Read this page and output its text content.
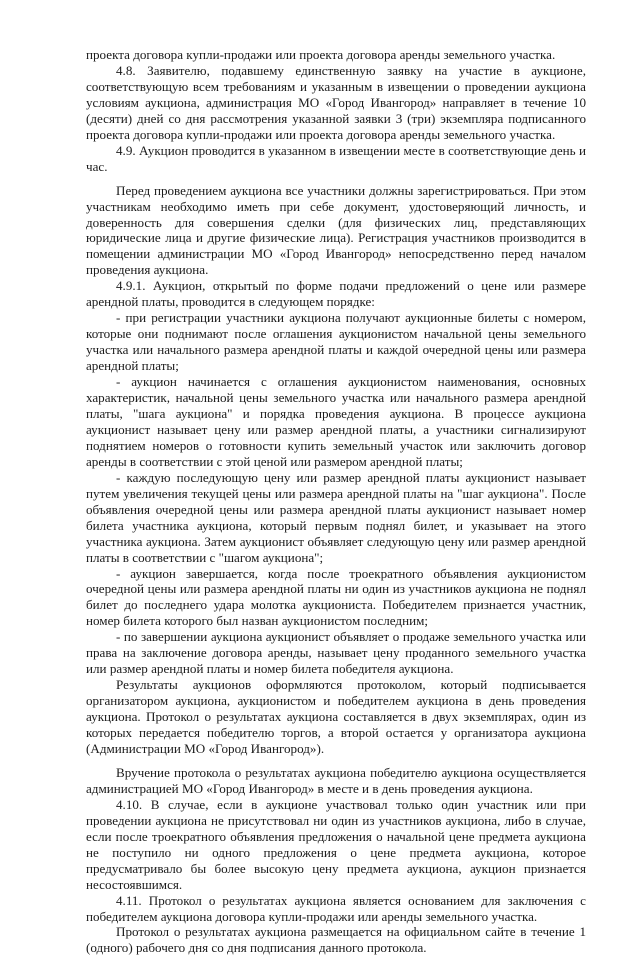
проекта договора купли-продажи или проекта договора аренды земельного участка.

4.8. Заявителю, подавшему единственную заявку на участие в аукционе, соответствующую всем требованиям и указанным в извещении о проведении аукциона условиям аукциона, администрация МО «Город Ивангород» направляет в течение 10 (десяти) дней со дня рассмотрения указанной заявки 3 (три) экземпляра подписанного проекта договора купли-продажи или проекта договора аренды земельного участка.

4.9. Аукцион проводится в указанном в извещении месте в соответствующие день и час.

Перед проведением аукциона все участники должны зарегистрироваться. При этом участникам необходимо иметь при себе документ, удостоверяющий личность, и доверенность для совершения сделки (для физических лиц, представляющих юридические лица и другие физические лица). Регистрация участников производится в помещении администрации МО «Город Ивангород» непосредственно перед началом проведения аукциона.

4.9.1. Аукцион, открытый по форме подачи предложений о цене или размере арендной платы, проводится в следующем порядке:

- при регистрации участники аукциона получают аукционные билеты с номером, которые они поднимают после оглашения аукционистом начальной цены земельного участка или начального размера арендной платы и каждой очередной цены или размера арендной платы;

- аукцион начинается с оглашения аукционистом наименования, основных характеристик, начальной цены земельного участка или начального размера арендной платы, "шага аукциона" и порядка проведения аукциона. В процессе аукциона аукционист называет цену или размер арендной платы, а участники сигнализируют поднятием номеров о готовности купить земельный участок или заключить договор аренды в соответствии с этой ценой или размером арендной платы;

- каждую последующую цену или размер арендной платы аукционист называет путем увеличения текущей цены или размера арендной платы на "шаг аукциона". После объявления очередной цены или размера арендной платы аукционист называет номер билета участника аукциона, который первым поднял билет, и указывает на этого участника аукциона. Затем аукционист объявляет следующую цену или размер арендной платы в соответствии с "шагом аукциона";

- аукцион завершается, когда после троекратного объявления аукционистом очередной цены или размера арендной платы ни один из участников аукциона не поднял билет до последнего удара молотка аукциониста. Победителем признается участник, номер билета которого был назван аукционистом последним;

- по завершении аукциона аукционист объявляет о продаже земельного участка или права на заключение договора аренды, называет цену проданного земельного участка или размер арендной платы и номер билета победителя аукциона.

Результаты аукционов оформляются протоколом, который подписывается организатором аукциона, аукционистом и победителем аукциона в день проведения аукциона. Протокол о результатах аукциона составляется в двух экземплярах, один из которых передается победителю торгов, а второй остается у организатора аукциона (Администрации МО «Город Ивангород»).

Вручение протокола о результатах аукциона победителю аукциона осуществляется администрацией МО «Город Ивангород» в месте и в день проведения аукциона.

4.10. В случае, если в аукционе участвовал только один участник или при проведении аукциона не присутствовал ни один из участников аукциона, либо в случае, если после троекратного объявления предложения о начальной цене предмета аукциона не поступило ни одного предложения о цене предмета аукциона, которое предусматривало бы более высокую цену предмета аукциона, аукцион признается несостоявшимся.

4.11. Протокол о результатах аукциона является основанием для заключения с победителем аукциона договора купли-продажи или аренды земельного участка.

Протокол о результатах аукциона размещается на официальном сайте в течение 1 (одного) рабочего дня со дня подписания данного протокола.
